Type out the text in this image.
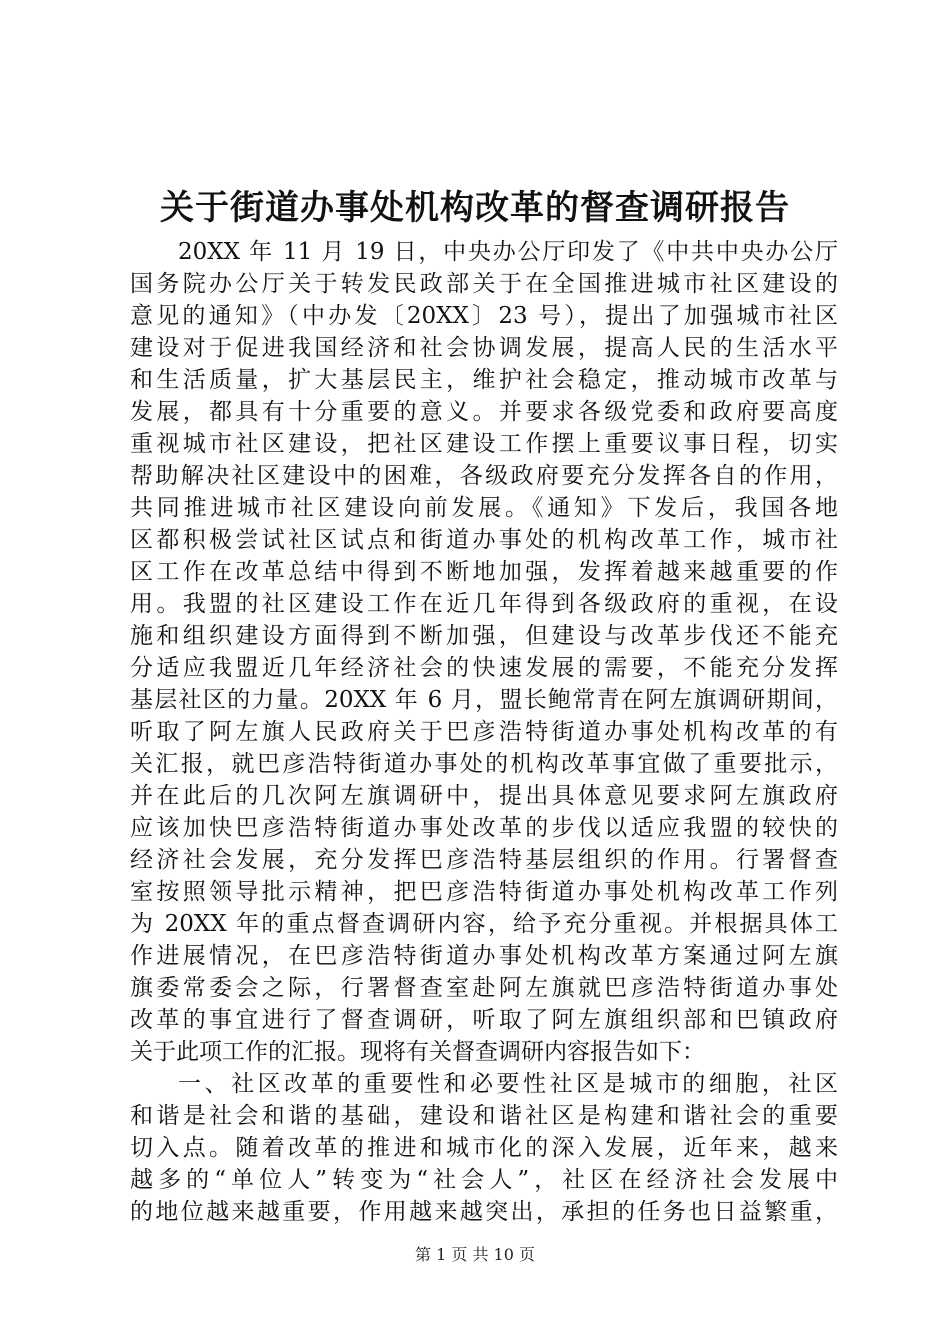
关于街道办事处机构改革的督查调研报告
20XX 年 11 月 19 日，中央办公厅印发了《中共中央办公厅
国务院办公厅关于转发民政部关于在全国推进城市社区建设的
意见的通知》（中办发〔20XX〕23 号），提出了加强城市社区
建设对于促进我国经济和社会协调发展，提高人民的生活水平
和生活质量，扩大基层民主，维护社会稳定，推动城市改革与
发展，都具有十分重要的意义。并要求各级党委和政府要高度
重视城市社区建设，把社区建设工作摆上重要议事日程，切实
帮助解决社区建设中的困难，各级政府要充分发挥各自的作用，
共同推进城市社区建设向前发展。《通知》下发后，我国各地
区都积极尝试社区试点和街道办事处的机构改革工作，城市社
区工作在改革总结中得到不断地加强，发挥着越来越重要的作
用。我盟的社区建设工作在近几年得到各级政府的重视，在设
施和组织建设方面得到不断加强，但建设与改革步伐还不能充
分适应我盟近几年经济社会的快速发展的需要，不能充分发挥
基层社区的力量。20XX 年 6 月，盟长鲍常青在阿左旗调研期间，
听取了阿左旗人民政府关于巴彦浩特街道办事处机构改革的有
关汇报，就巴彦浩特街道办事处的机构改革事宜做了重要批示，
并在此后的几次阿左旗调研中，提出具体意见要求阿左旗政府
应该加快巴彦浩特街道办事处改革的步伐以适应我盟的较快的
经济社会发展，充分发挥巴彦浩特基层组织的作用。行署督查
室按照领导批示精神，把巴彦浩特街道办事处机构改革工作列
为 20XX 年的重点督查调研内容，给予充分重视。并根据具体工
作进展情况，在巴彦浩特街道办事处机构改革方案通过阿左旗
旗委常委会之际，行署督查室赴阿左旗就巴彦浩特街道办事处
改革的事宜进行了督查调研，听取了阿左旗组织部和巴镇政府
关于此项工作的汇报。现将有关督查调研内容报告如下：
一、社区改革的重要性和必要性社区是城市的细胞，社区
和谐是社会和谐的基础，建设和谐社区是构建和谐社会的重要
切入点。随着改革的推进和城市化的深入发展，近年来，越来
越多的“单位人”转变为“社会人”，社区在经济社会发展中
的地位越来越重要，作用越来越突出，承担的任务也日益繁重，
第 1 页 共 10 页
